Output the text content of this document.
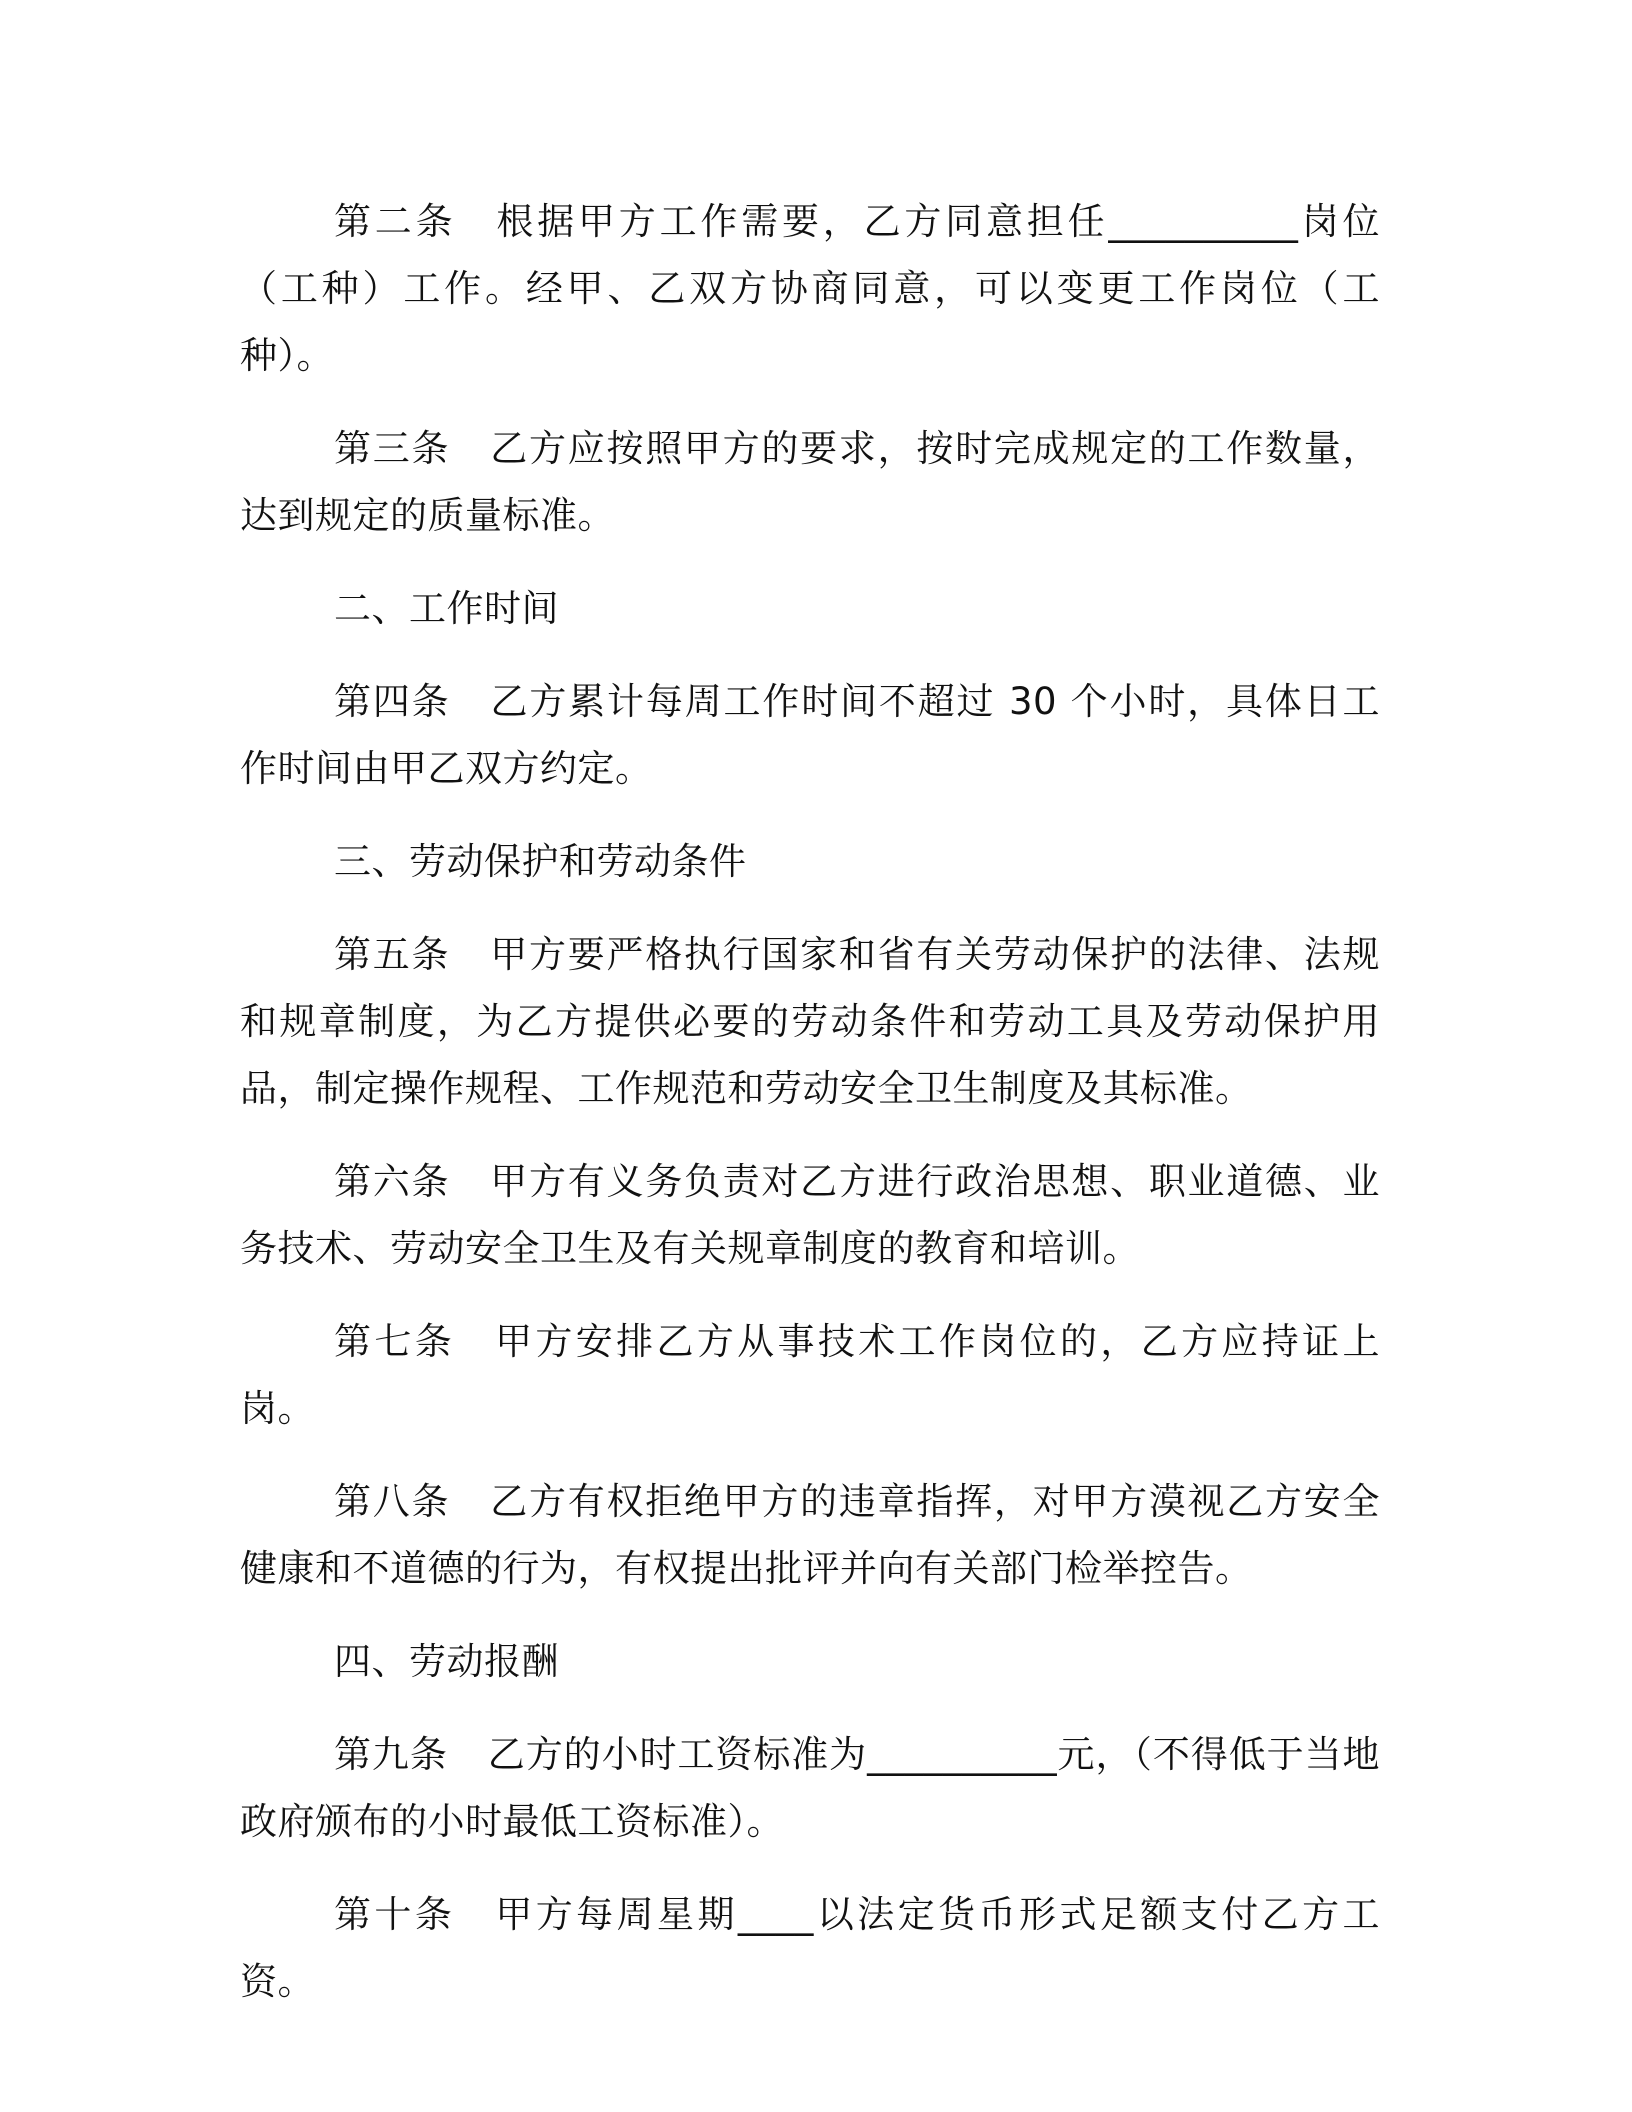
第二条 根据甲方工作需要，乙方同意担任__________岗位（工种）工作。经甲、乙双方协商同意，可以变更工作岗位（工种）。

第三条 乙方应按照甲方的要求，按时完成规定的工作数量，达到规定的质量标准。

二、工作时间

第四条 乙方累计每周工作时间不超过 30 个小时，具体日工作时间由甲乙双方约定。

三、劳动保护和劳动条件

第五条 甲方要严格执行国家和省有关劳动保护的法律、法规和规章制度，为乙方提供必要的劳动条件和劳动工具及劳动保护用品，制定操作规程、工作规范和劳动安全卫生制度及其标准。

第六条 甲方有义务负责对乙方进行政治思想、职业道德、业务技术、劳动安全卫生及有关规章制度的教育和培训。

第七条 甲方安排乙方从事技术工作岗位的，乙方应持证上岗。

第八条 乙方有权拒绝甲方的违章指挥，对甲方漠视乙方安全健康和不道德的行为，有权提出批评并向有关部门检举控告。

四、劳动报酬

第九条 乙方的小时工资标准为__________元，（不得低于当地政府颁布的小时最低工资标准）。

第十条 甲方每周星期____以法定货币形式足额支付乙方工资。
